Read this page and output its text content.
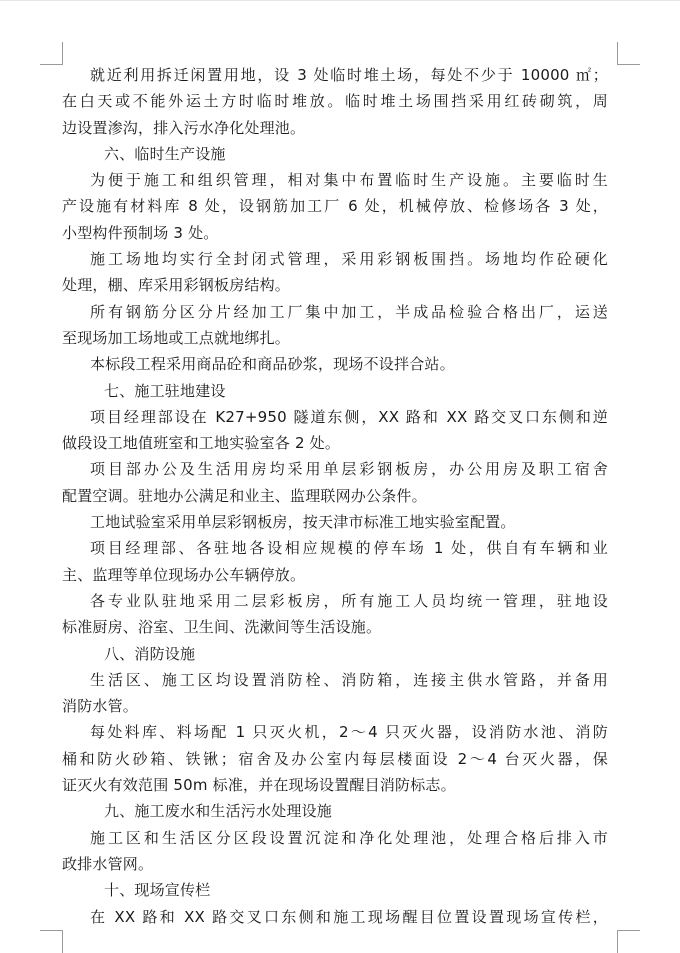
就近利用拆迁闲置用地，设 3 处临时堆土场，每处不少于 10000 ㎡；
在白天或不能外运土方时临时堆放。临时堆土场围挡采用红砖砌筑，周
边设置渗沟，排入污水净化处理池。
六、临时生产设施
为便于施工和组织管理，相对集中布置临时生产设施。主要临时生
产设施有材料库 8 处，设钢筋加工厂 6 处，机械停放、检修场各 3 处，
小型构件预制场 3 处。
施工场地均实行全封闭式管理，采用彩钢板围挡。场地均作砼硬化
处理，棚、库采用彩钢板房结构。
所有钢筋分区分片经加工厂集中加工，半成品检验合格出厂，运送
至现场加工场地或工点就地绑扎。
本标段工程采用商品砼和商品砂浆，现场不设拌合站。
七、施工驻地建设
项目经理部设在 K27+950 隧道东侧，XX 路和 XX 路交叉口东侧和逆
做段设工地值班室和工地实验室各 2 处。
项目部办公及生活用房均采用单层彩钢板房，办公用房及职工宿舍
配置空调。驻地办公满足和业主、监理联网办公条件。
工地试验室采用单层彩钢板房，按天津市标准工地实验室配置。
项目经理部、各驻地各设相应规模的停车场 1 处，供自有车辆和业
主、监理等单位现场办公车辆停放。
各专业队驻地采用二层彩板房，所有施工人员均统一管理，驻地设
标准厨房、浴室、卫生间、洗漱间等生活设施。
八、消防设施
生活区、施工区均设置消防栓、消防箱，连接主供水管路，并备用
消防水管。
每处料库、料场配 1 只灭火机，2～4 只灭火器，设消防水池、消防
桶和防火砂箱、铁锹；宿舍及办公室内每层楼面设 2～4 台灭火器，保
证灭火有效范围 50m 标准，并在现场设置醒目消防标志。
九、施工废水和生活污水处理设施
施工区和生活区分区段设置沉淀和净化处理池，处理合格后排入市
政排水管网。
十、现场宣传栏
在 XX 路和 XX 路交叉口东侧和施工现场醒目位置设置现场宣传栏，
